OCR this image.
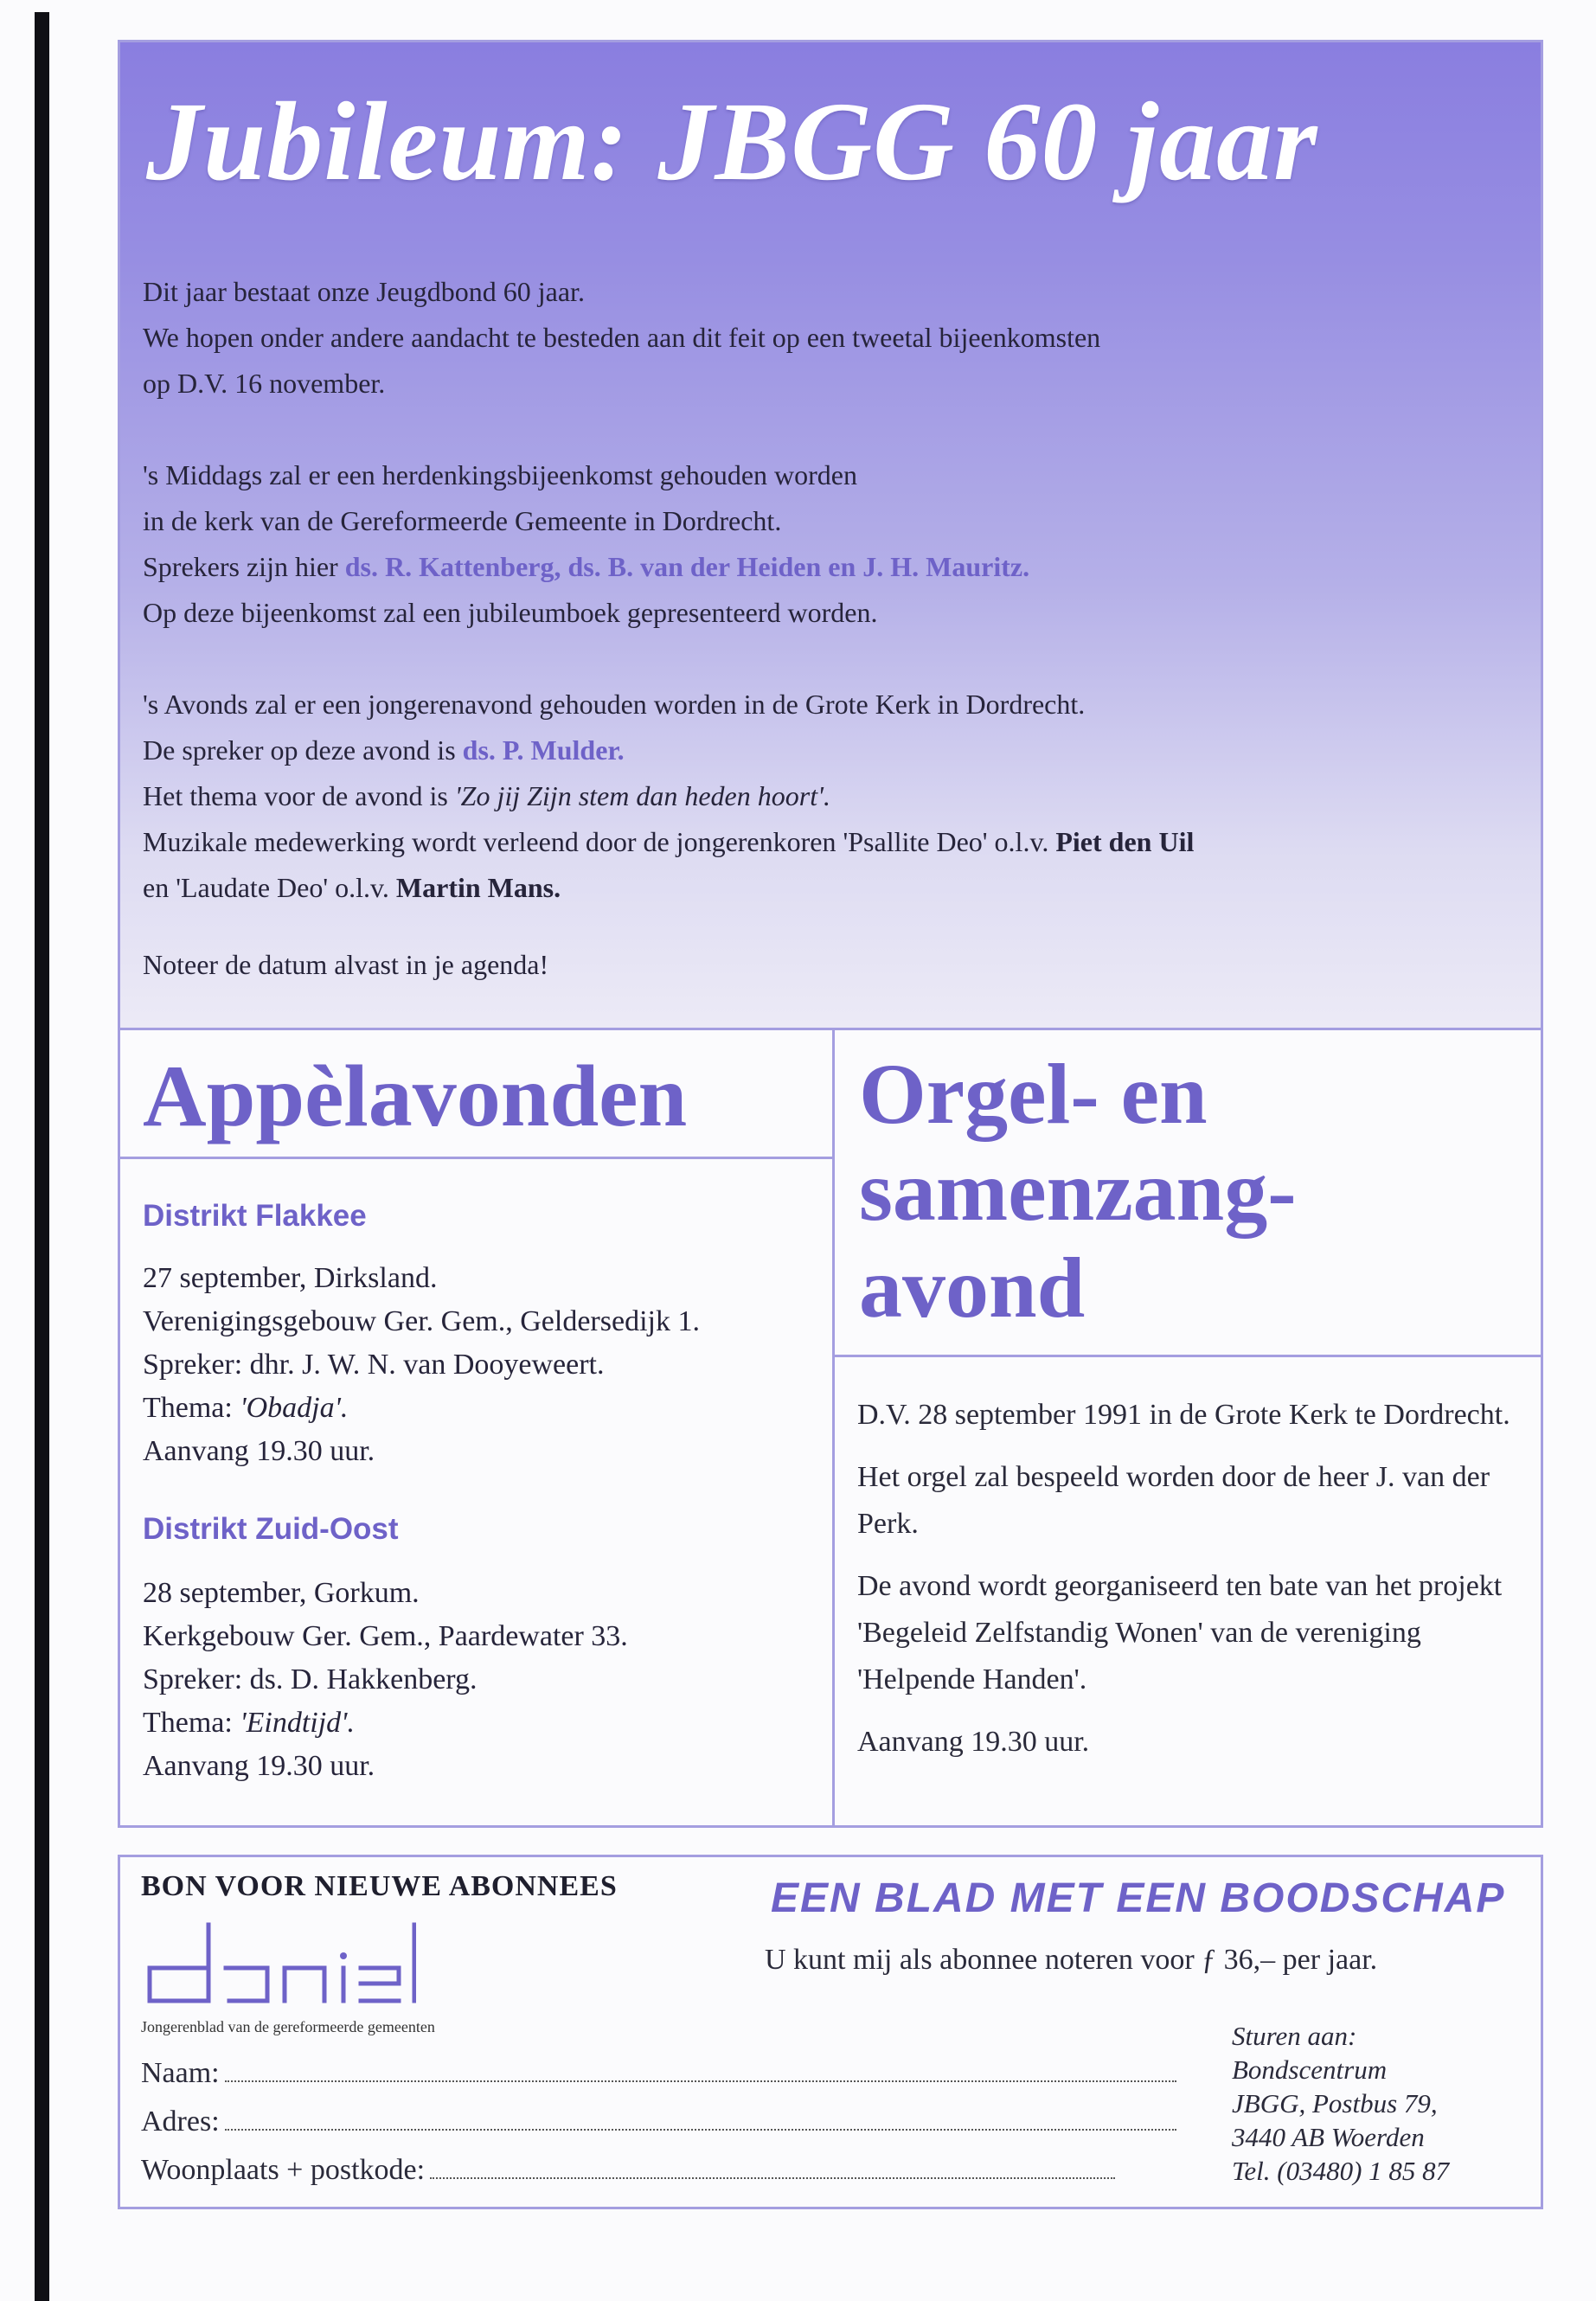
Jubileum: JBGG 60 jaar

Dit jaar bestaat onze Jeugdbond 60 jaar.

We hopen onder andere aandacht te besteden aan dit feit op een tweetal bijeenkomsten

op D.V. 16 november.

's Middags zal er een herdenkingsbijeenkomst gehouden worden

in de kerk van de Gereformeerde Gemeente in Dordrecht.

Sprekers zijn hier ds. R. Kattenberg, ds. B. van der Heiden en J. H. Mauritz.

Op deze bijeenkomst zal een jubileumboek gepresenteerd worden.

's Avonds zal er een jongerenavond gehouden worden in de Grote Kerk in Dordrecht.

De spreker op deze avond is ds. P. Mulder.

Het thema voor de avond is 'Zo jij Zijn stem dan heden hoort'.

Muzikale medewerking wordt verleend door de jongerenkoren 'Psallite Deo' o.l.v. Piet den Uil

en 'Laudate Deo' o.l.v. Martin Mans.

Noteer de datum alvast in je agenda!

Appèlavonden
Distrikt Flakkee
27 september, Dirksland.
Verenigingsgebouw Ger. Gem., Geldersedijk 1.
Spreker: dhr. J. W. N. van Dooyeweert.
Thema: 'Obadja'.
Aanvang 19.30 uur.
Distrikt Zuid-Oost
28 september, Gorkum.
Kerkgebouw Ger. Gem., Paardewater 33.
Spreker: ds. D. Hakkenberg.
Thema: 'Eindtijd'.
Aanvang 19.30 uur.
Orgel- en
samenzang-
avond

D.V. 28 september 1991 in de Grote Kerk te Dordrecht.

Het orgel zal bespeeld worden door de heer J. van der Perk.

De avond wordt georganiseerd ten bate van het projekt 'Begeleid Zelfstandig Wonen' van de vereniging 'Helpende Handen'.

Aanvang 19.30 uur.

BON VOOR NIEUWE ABONNEES
Jongerenblad van de gereformeerde gemeenten
Naam:
Adres:
Woonplaats + postkode:
EEN BLAD MET EEN BOODSCHAP
U kunt mij als abonnee noteren voor ƒ 36,– per jaar.
Sturen aan:
Bondscentrum
JBGG, Postbus 79,
3440 AB Woerden
Tel. (03480) 1 85 87
